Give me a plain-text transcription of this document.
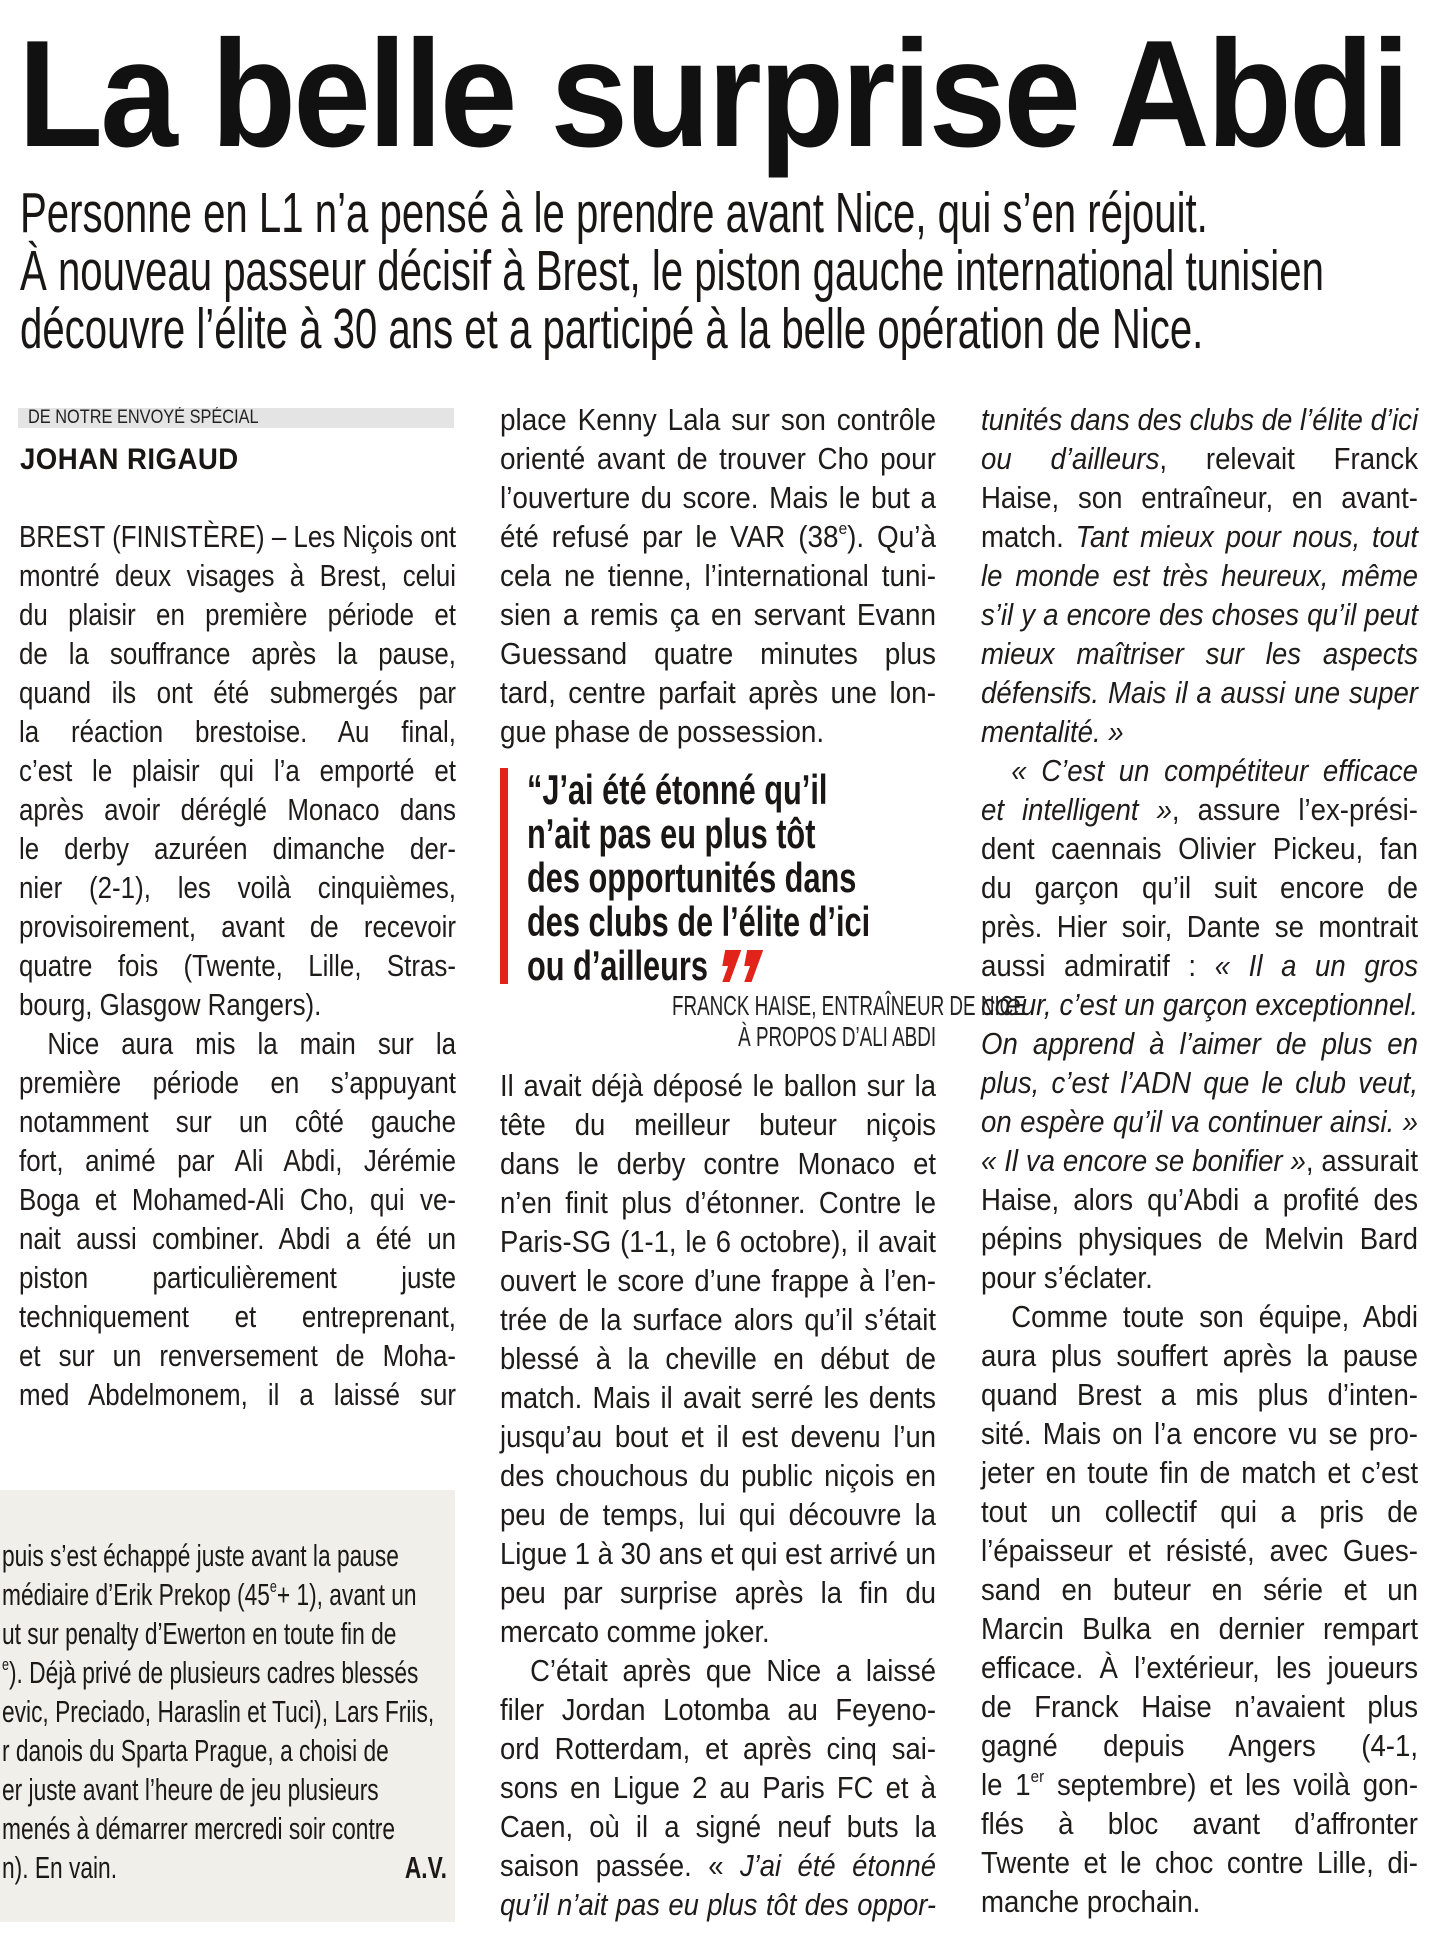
La belle surprise Abdi
Personne en L1 n’a pensé à le prendre avant Nice, qui s’en réjouit.
À nouveau passeur décisif à Brest, le piston gauche international tunisien
découvre l’élite à 30 ans et a participé à la belle opération de Nice.
DE NOTRE ENVOYÉ SPÉCIAL
JOHAN RIGAUD
BREST (FINISTÈRE) – Les Niçois ont
montré deux visages à Brest, celui
du plaisir en première période et
de la souffrance après la pause,
quand ils ont été submergés par
la réaction brestoise. Au final,
c’est le plaisir qui l’a emporté et
après avoir déréglé Monaco dans
le derby azuréen dimanche der-
nier (2-1), les voilà cinquièmes,
provisoirement, avant de recevoir
quatre fois (Twente, Lille, Stras-
bourg, Glasgow Rangers).
Nice aura mis la main sur la
première période en s’appuyant
notamment sur un côté gauche
fort, animé par Ali Abdi, Jérémie
Boga et Mohamed-Ali Cho, qui ve-
nait aussi combiner. Abdi a été un
piston particulièrement juste
techniquement et entreprenant,
et sur un renversement de Moha-
med Abdelmonem, il a laissé sur
place Kenny Lala sur son contrôle
orienté avant de trouver Cho pour
l’ouverture du score. Mais le but a
été refusé par le VAR (38e). Qu’à
cela ne tienne, l’international tuni-
sien a remis ça en servant Evann
Guessand quatre minutes plus
tard, centre parfait après une lon-
gue phase de possession.
Il avait déjà déposé le ballon sur la
tête du meilleur buteur niçois
dans le derby contre Monaco et
n’en finit plus d’étonner. Contre le
Paris-SG (1-1, le 6 octobre), il avait
ouvert le score d’une frappe à l’en-
trée de la surface alors qu’il s’était
blessé à la cheville en début de
match. Mais il avait serré les dents
jusqu’au bout et il est devenu l’un
des chouchous du public niçois en
peu de temps, lui qui découvre la
Ligue 1 à 30 ans et qui est arrivé un
peu par surprise après la fin du
mercato comme joker.
C’était après que Nice a laissé
filer Jordan Lotomba au Feyeno-
ord Rotterdam, et après cinq sai-
sons en Ligue 2 au Paris FC et à
Caen, où il a signé neuf buts la
saison passée. « J’ai été étonné
qu’il n’ait pas eu plus tôt des oppor-
tunités dans des clubs de l’élite d’ici
ou d’ailleurs, relevait Franck
Haise, son entraîneur, en avant-
match. Tant mieux pour nous, tout
le monde est très heureux, même
s’il y a encore des choses qu’il peut
mieux maîtriser sur les aspects
défensifs. Mais il a aussi une super
mentalité. »
« C’est un compétiteur efficace
et intelligent », assure l’ex-prési-
dent caennais Olivier Pickeu, fan
du garçon qu’il suit encore de
près. Hier soir, Dante se montrait
aussi admiratif : « Il a un gros
cœur, c’est un garçon exceptionnel.
On apprend à l’aimer de plus en
plus, c’est l’ADN que le club veut,
on espère qu’il va continuer ainsi. »
« Il va encore se bonifier », assurait
Haise, alors qu’Abdi a profité des
pépins physiques de Melvin Bard
pour s’éclater.
Comme toute son équipe, Abdi
aura plus souffert après la pause
quand Brest a mis plus d’inten-
sité. Mais on l’a encore vu se pro-
jeter en toute fin de match et c’est
tout un collectif qui a pris de
l’épaisseur et résisté, avec Gues-
sand en buteur en série et un
Marcin Bulka en dernier rempart
efficace. À l’extérieur, les joueurs
de Franck Haise n’avaient plus
gagné depuis Angers (4-1,
le 1er septembre) et les voilà gon-
flés à bloc avant d’affronter
Twente et le choc contre Lille, di-
manche prochain.
“J’ai été étonné qu’il
n’ait pas eu plus tôt
des opportunités dans
des clubs de l’élite d’ici
ou d’ailleurs
FRANCK HAISE, ENTRAÎNEUR DE NICE
À PROPOS D’ALI ABDI
puis s’est échappé juste avant la pause
médiaire d’Erik Prekop $(45^e+ 1)$, avant un
ut sur penalty d’Ewerton en toute fin de
$^e$). Déjà privé de plusieurs cadres blessés
evic, Preciado, Haraslin et Tuci), Lars Friis,
r danois du Sparta Prague, a choisi de
er juste avant l’heure de jeu plusieurs
menés à démarrer mercredi soir contre
n). En vain.	A.V.
